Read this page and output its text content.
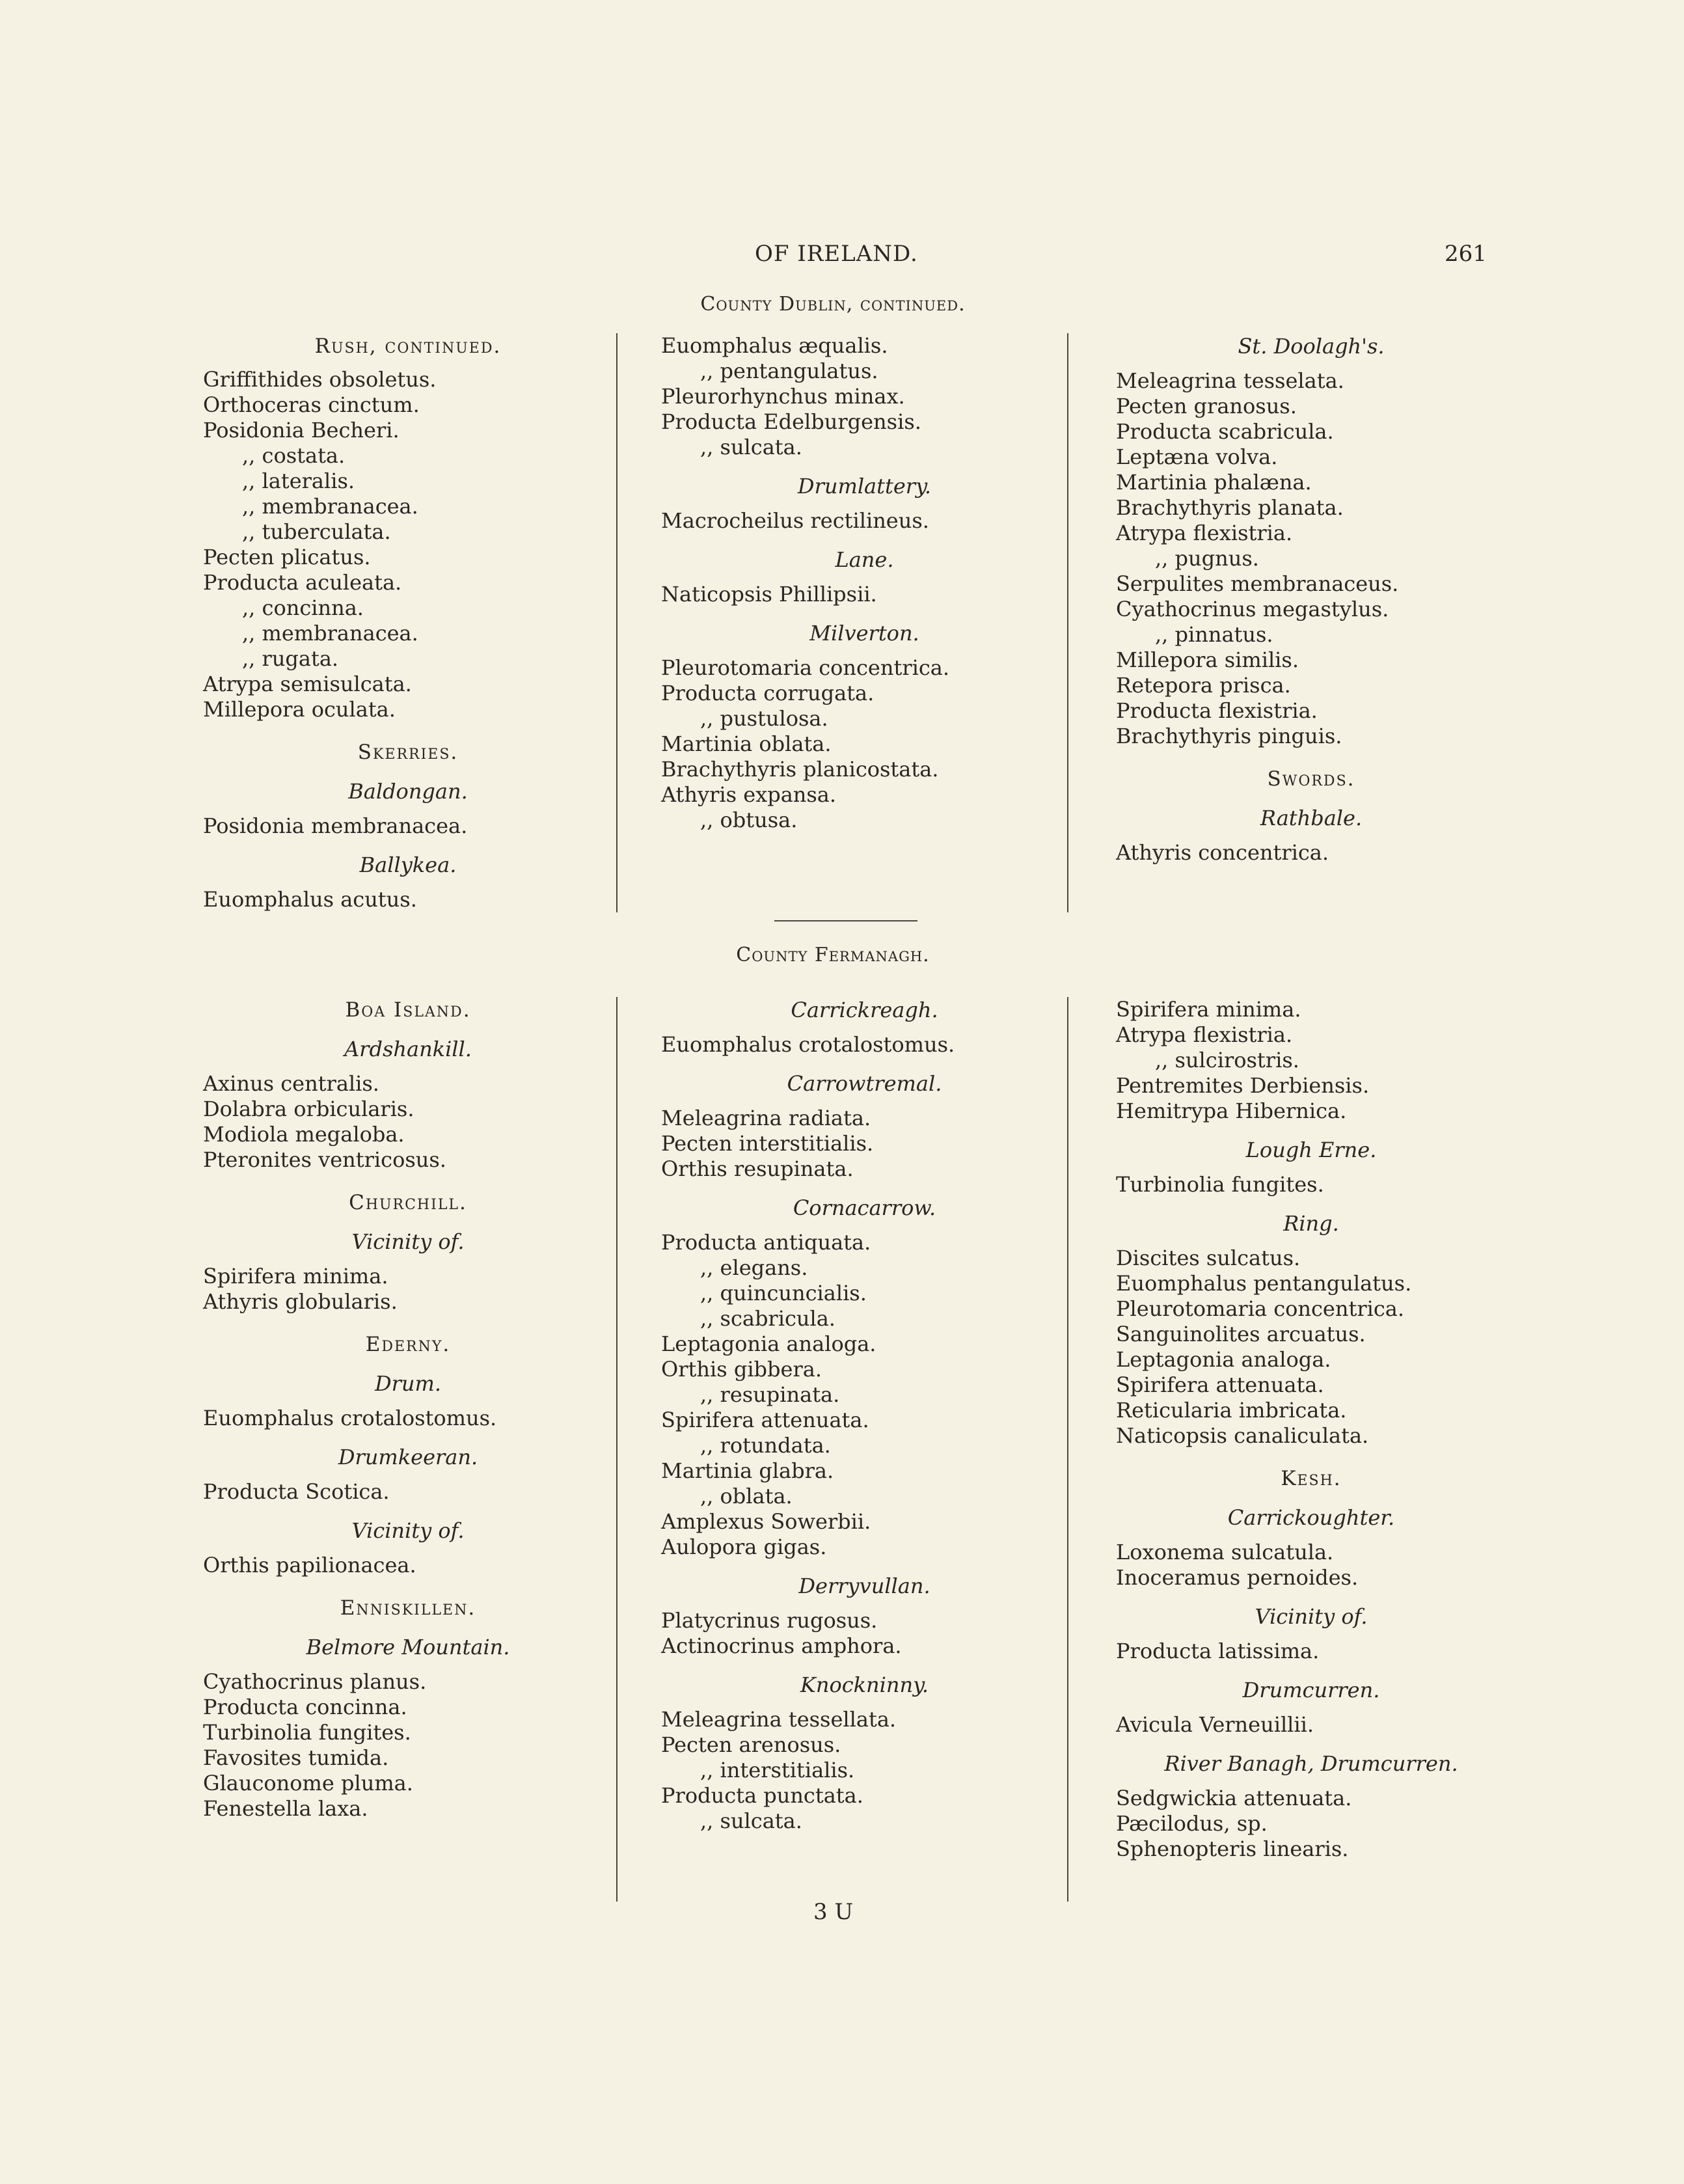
OF IRELAND.	261
County Dublin, continued.
Rush, continued.
Griffithides obsoletus.
Orthoceras cinctum.
Posidonia Becheri.
,, costata.
,, lateralis.
,, membranacea.
,, tuberculata.
Pecten plicatus.
Producta aculeata.
,, concinna.
,, membranacea.
,, rugata.
Atrypa semisulcata.
Millepora oculata.
Skerries.
Baldongan.
Posidonia membranacea.
Ballykea.
Euomphalus acutus.
Euomphalus æqualis.
,, pentangulatus.
Pleurorhynchus minax.
Producta Edelburgensis.
,, sulcata.
Drumlattery.
Macrocheilus rectilineus.
Lane.
Naticopsis Phillipsii.
Milverton.
Pleurotomaria concentrica.
Producta corrugata.
,, pustulosa.
Martinia oblata.
Brachythyris planicostata.
Athyris expansa.
,, obtusa.
St. Doolagh's.
Meleagrina tesselata.
Pecten granosus.
Producta scabricula.
Leptæna volva.
Martinia phalæna.
Brachythyris planata.
Atrypa flexistria.
,, pugnus.
Serpulites membranaceus.
Cyathocrinus megastylus.
,, pinnatus.
Millepora similis.
Retepora prisca.
Producta flexistria.
Brachythyris pinguis.
Swords.
Rathbale.
Athyris concentrica.
County Fermanagh.
Boa Island.
Ardshankill.
Axinus centralis.
Dolabra orbicularis.
Modiola megaloba.
Pteronites ventricosus.
Churchill.
Vicinity of.
Spirifera minima.
Athyris globularis.
Ederny.
Drum.
Euomphalus crotalostomus.
Drumkeeran.
Producta Scotica.
Vicinity of.
Orthis papilionacea.
Enniskillen.
Belmore Mountain.
Cyathocrinus planus.
Producta concinna.
Turbinolia fungites.
Favosites tumida.
Glauconome pluma.
Fenestella laxa.
Carrickreagh.
Euomphalus crotalostomus.
Carrowtremal.
Meleagrina radiata.
Pecten interstitialis.
Orthis resupinata.
Cornacarrow.
Producta antiquata.
,, elegans.
,, quincuncialis.
,, scabricula.
Leptagonia analoga.
Orthis gibbera.
,, resupinata.
Spirifera attenuata.
,, rotundata.
Martinia glabra.
,, oblata.
Amplexus Sowerbii.
Aulopora gigas.
Derryvullan.
Platycrinus rugosus.
Actinocrinus amphora.
Knockninny.
Meleagrina tessellata.
Pecten arenosus.
,, interstitialis.
Producta punctata.
,, sulcata.
Spirifera minima.
Atrypa flexistria.
,, sulcirostris.
Pentremites Derbiensis.
Hemitrypa Hibernica.
Lough Erne.
Turbinolia fungites.
Ring.
Discites sulcatus.
Euomphalus pentangulatus.
Pleurotomaria concentrica.
Sanguinolites arcuatus.
Leptagonia analoga.
Spirifera attenuata.
Reticularia imbricata.
Naticopsis canaliculata.
Kesh.
Carrickoughter.
Loxonema sulcatula.
Inoceramus pernoides.
Vicinity of.
Producta latissima.
Drumcurren.
Avicula Verneuillii.
River Banagh, Drumcurren.
Sedgwickia attenuata.
Pæcilodus, sp.
Sphenopteris linearis.
3 U
